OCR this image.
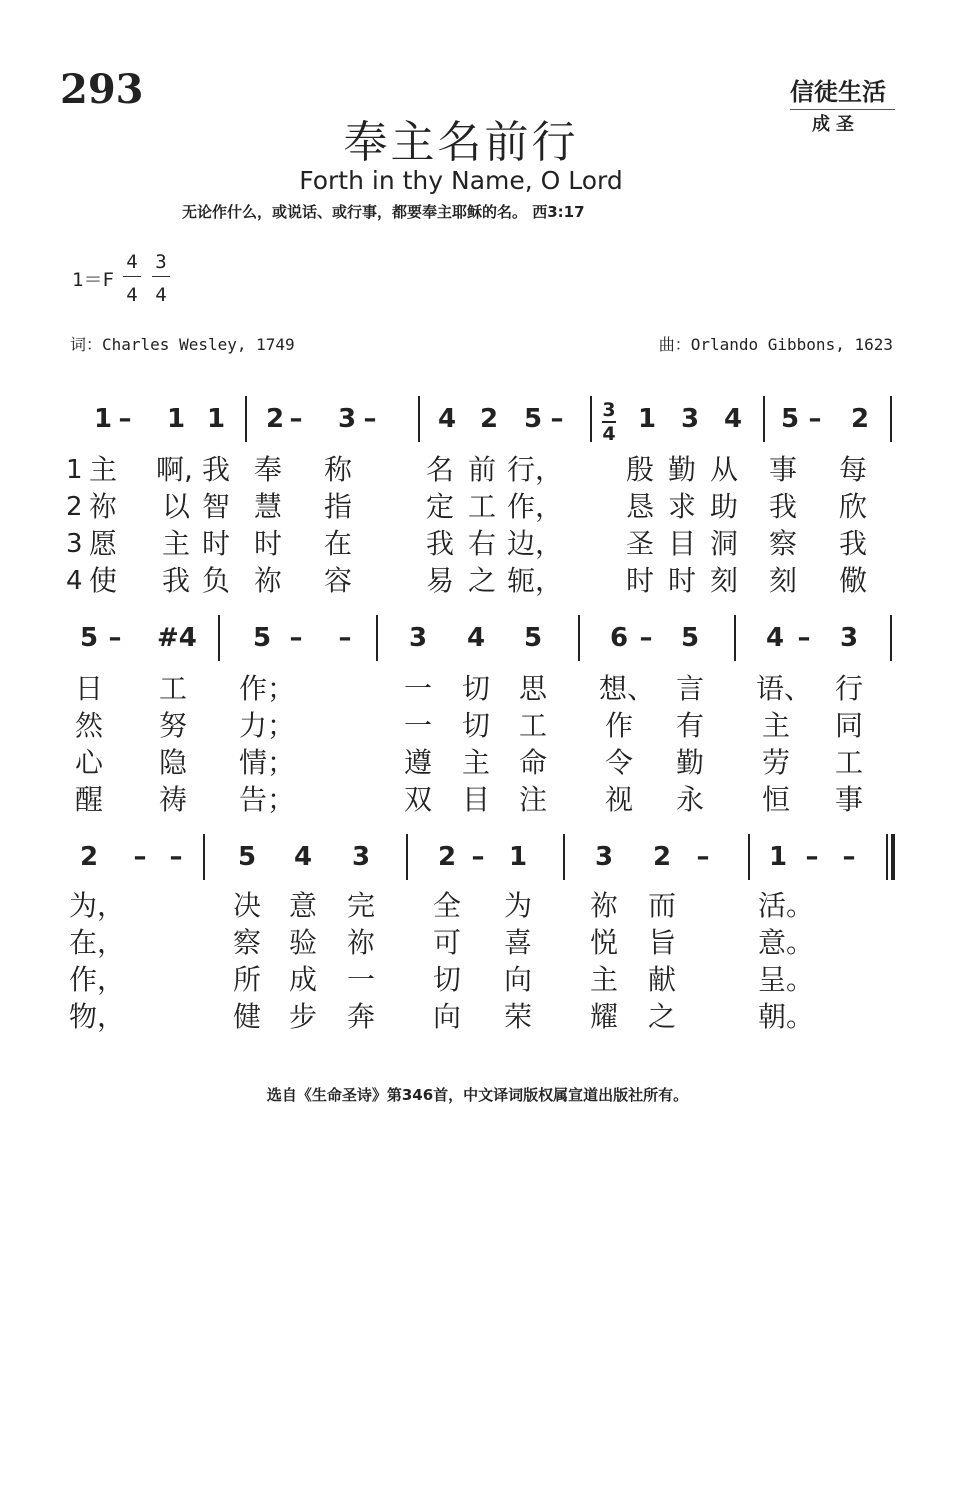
293	信徒生活
成圣
奉主名前行
Forth in thy Name, O Lord
无论作什么，或说话、或行事，都要奉主耶稣的名。 西3:17
1＝F
4
4
3
4
词：Charles Wesley, 1749	曲：Orlando Gibbons, 1623
1 –	1 1 2 –	3 –	4 2 5 –	1 3 4 5 –	2
3
4
1 主 啊, 我 奉 称	名 前 行，	殷 勤 从 事 每
2 祢 以 智 慧 指	定 工 作，	恳 求 助 我 欣
3 愿 主 时 时 在	我 右 边，	圣 目 洞 察 我
4 使 我 负 祢 容	易 之 轭，	时 时 刻 刻 儆
5 –	#4 5 –	–	3 4 5	6 –	5	4 –	3
日 工 作；	一 切 思 想、 言 语、 行
然 努 力；	一 切 工 作 有 主 同
心 隐 情；	遵 主 命 令 勤 劳 工
醒 祷 告；	双 目 注 视 永 恒 事
2	– –	5 4 3	2 – 1	3 2 –	1 – –
为，	决 意 完 全 为 祢 而	活。
在，	察 验 祢 可 喜 悦 旨	意。
作，	所 成 一 切 向 主 献	呈。
物，	健 步 奔 向 荣 耀 之	朝。
选自《生命圣诗》第346首，中文译词版权属宣道出版社所有。
